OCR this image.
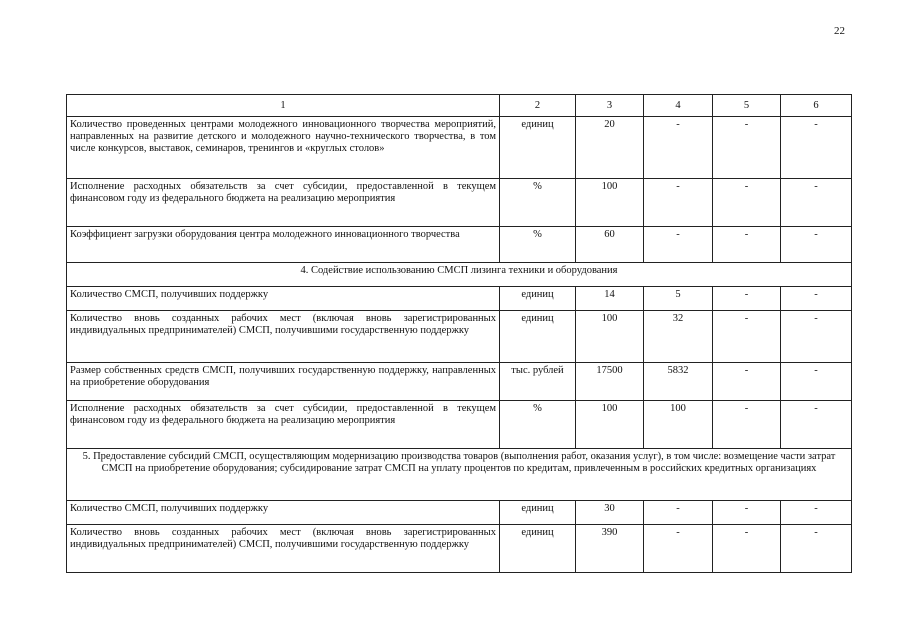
22
1	2	3	4	5	6
Количество проведенных центрами молодежного инновационного творчества мероприятий, направленных на развитие детского и молодежного научно-технического творчества, в том числе конкурсов, выставок, семинаров, тренингов и «круглых столов»	единиц	20	-	-	-
Исполнение расходных обязательств за счет субсидии, предоставленной в текущем финансовом году из федерального бюджета на реализацию мероприятия	%	100	-	-	-
Коэффициент загрузки оборудования центра молодежного инновационного творчества	%	60	-	-	-
4. Содействие использованию СМСП лизинга техники и оборудования					
Количество СМСП, получивших поддержку	единиц	14	5	-	-
Количество вновь созданных рабочих мест (включая вновь зарегистрированных индивидуальных предпринимателей) СМСП, получившими государственную поддержку	единиц	100	32	-	-
Размер собственных средств СМСП, получивших государственную поддержку, направленных на приобретение оборудования	тыс. рублей	17500	5832	-	-
Исполнение расходных обязательств за счет субсидии, предоставленной в текущем финансовом году из федерального бюджета на реализацию мероприятия	%	100	100	-	-
5. Предоставление субсидий СМСП, осуществляющим модернизацию производства товаров (выполнения работ, оказания услуг), в том числе: возмещение части затрат СМСП на приобретение оборудования; субсидирование затрат СМСП на уплату процентов по кредитам, привлеченным в российских кредитных организациях					
Количество СМСП, получивших поддержку	единиц	30	-	-	-
Количество вновь созданных рабочих мест (включая вновь зарегистрированных индивидуальных предпринимателей) СМСП, получившими государственную поддержку	единиц	390	-	-	-
